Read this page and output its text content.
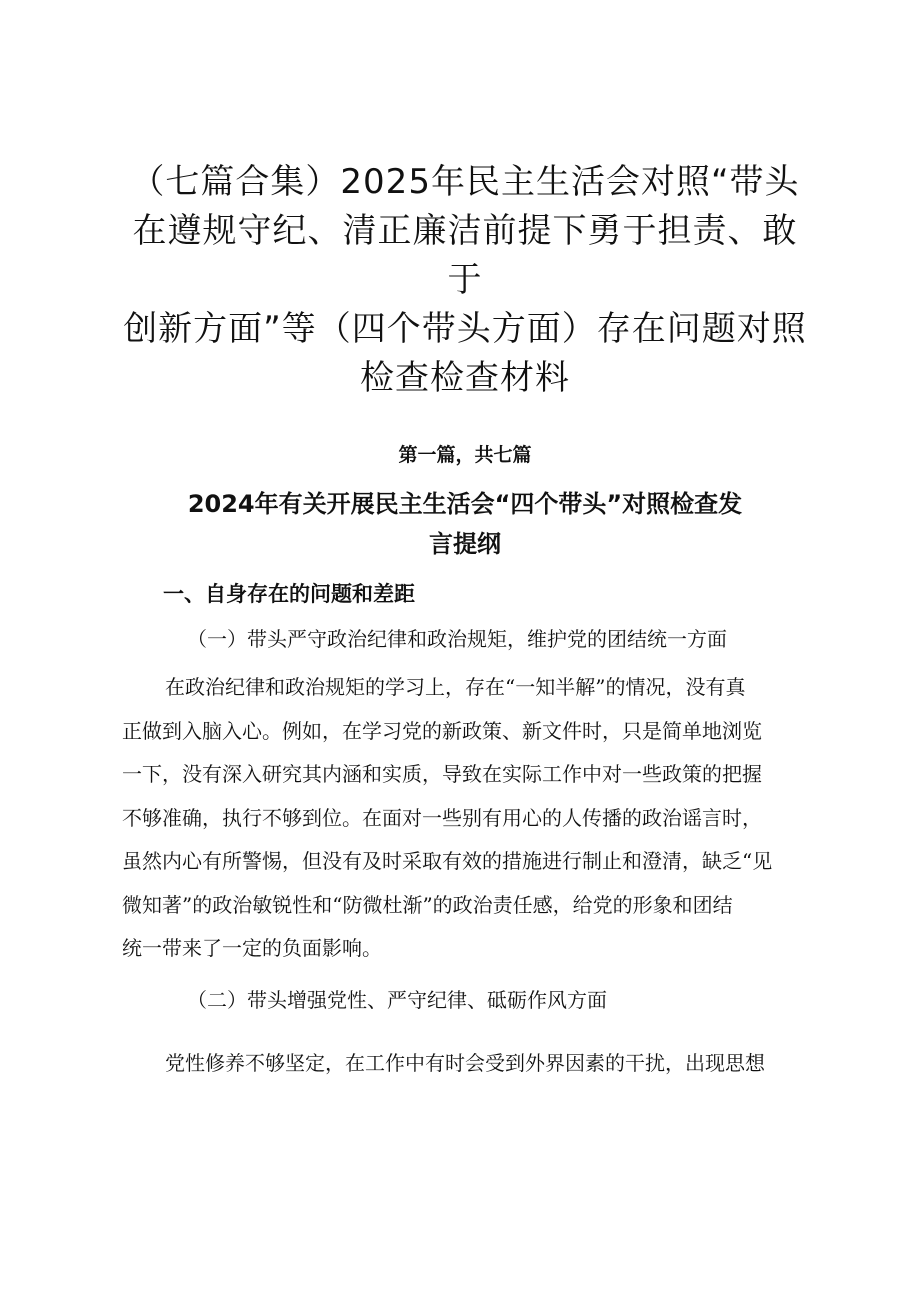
（七篇合集）2025年民主生活会对照“带头
在遵规守纪、清正廉洁前提下勇于担责、敢于
创新方面”等（四个带头方面）存在问题对照
检查检查材料

第一篇，共七篇

2024年有关开展民主生活会“四个带头”对照检查发
言提纲
一、自身存在的问题和差距

（一）带头严守政治纪律和政治规矩，维护党的团结统一方面

在政治纪律和政治规矩的学习上，存在“一知半解”的情况，没有真
正做到入脑入心。例如，在学习党的新政策、新文件时，只是简单地浏览
一下，没有深入研究其内涵和实质，导致在实际工作中对一些政策的把握
不够准确，执行不够到位。在面对一些别有用心的人传播的政治谣言时，
虽然内心有所警惕，但没有及时采取有效的措施进行制止和澄清，缺乏“见
微知著”的政治敏锐性和“防微杜渐”的政治责任感，给党的形象和团结
统一带来了一定的负面影响。

（二）带头增强党性、严守纪律、砥砺作风方面

党性修养不够坚定，在工作中有时会受到外界因素的干扰，出现思想
